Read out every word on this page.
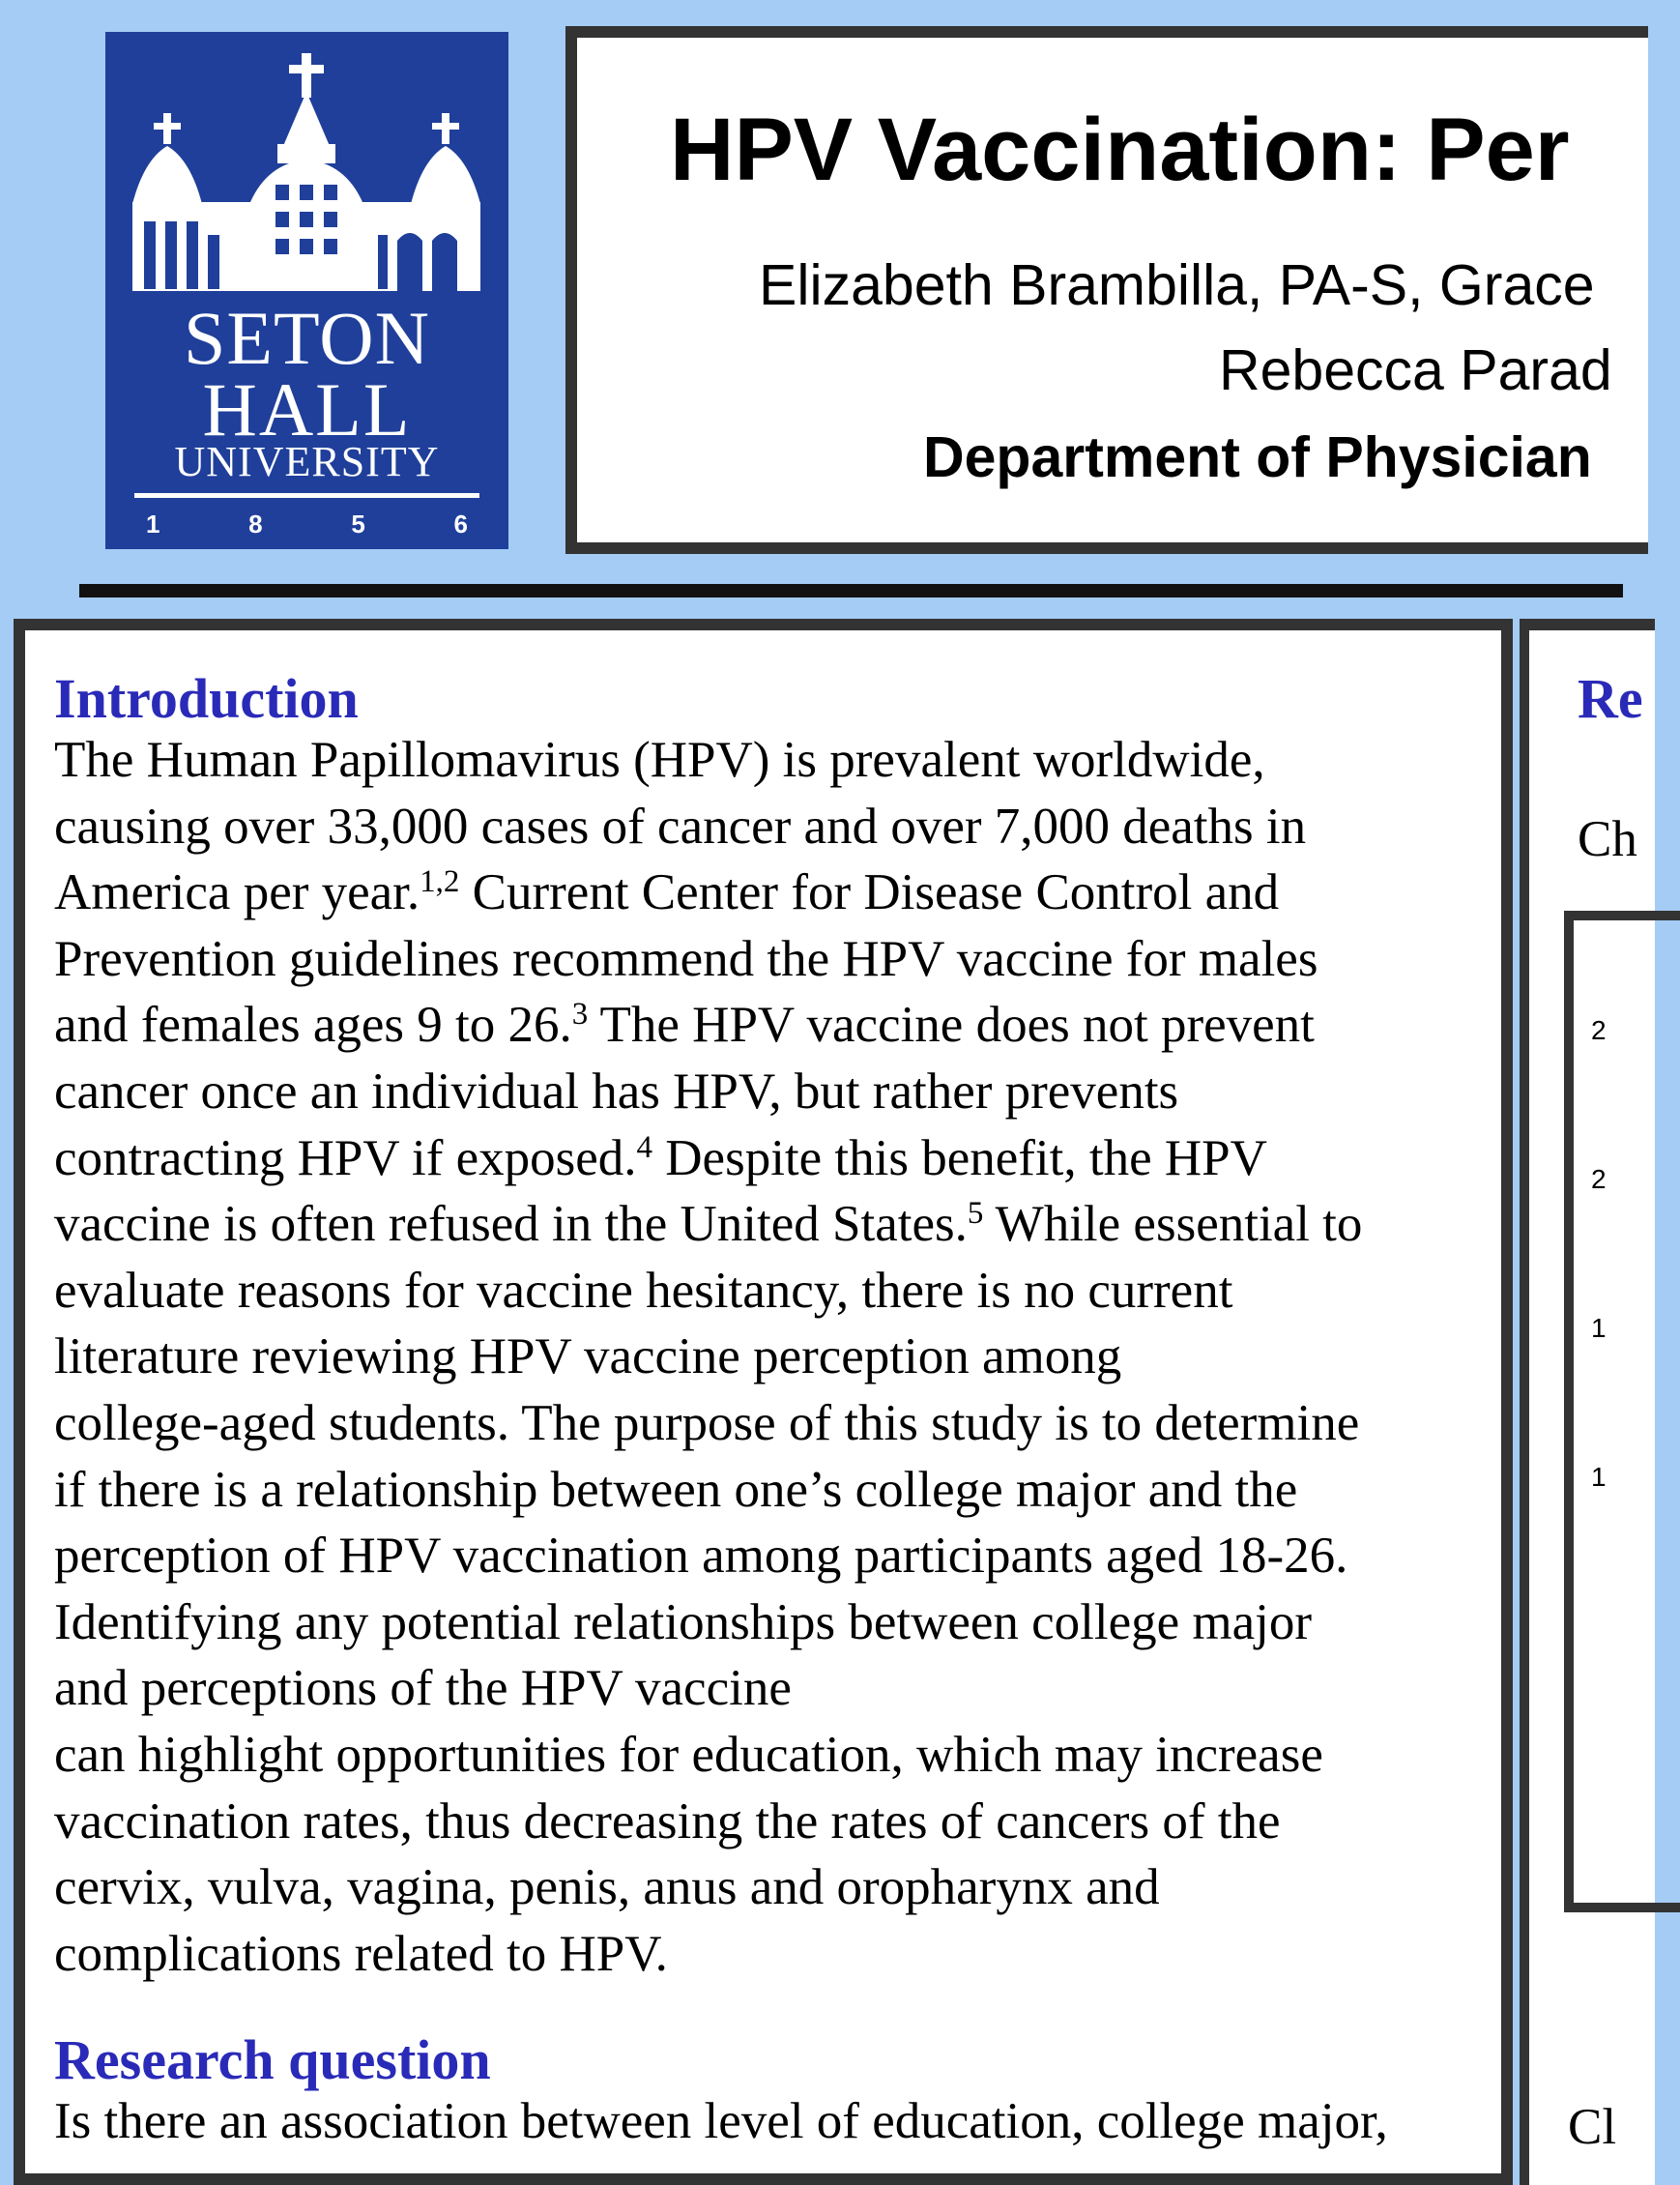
SETON
HALL
UNIVERSITY
1	8	5	6
HPV Vaccination: Per
Elizabeth Brambilla, PA-S, Grace
Rebecca Parad
Department of Physician
Introduction
The Human Papillomavirus (HPV) is prevalent worldwide,
causing over 33,000 cases of cancer and over 7,000 deaths in
America per year.$^{1,2}$ Current Center for Disease Control and
Prevention guidelines recommend the HPV vaccine for males
and females ages 9 to 26.$^3$ The HPV vaccine does not prevent
cancer once an individual has HPV, but rather prevents
contracting HPV if exposed.$^4$ Despite this benefit, the HPV
vaccine is often refused in the United States.$^5$ While essential to
evaluate reasons for vaccine hesitancy, there is no current
literature reviewing HPV vaccine perception among
college-aged students. The purpose of this study is to determine
if there is a relationship between one’s college major and the
perception of HPV vaccination among participants aged 18-26.
Identifying any potential relationships between college major
and perceptions of the HPV vaccine
can highlight opportunities for education, which may increase
vaccination rates, thus decreasing the rates of cancers of the
cervix, vulva, vagina, penis, anus and oropharynx and
complications related to HPV.
Research question
Is there an association between level of education, college major,
Re
Ch
2
2
1
1
Cl
